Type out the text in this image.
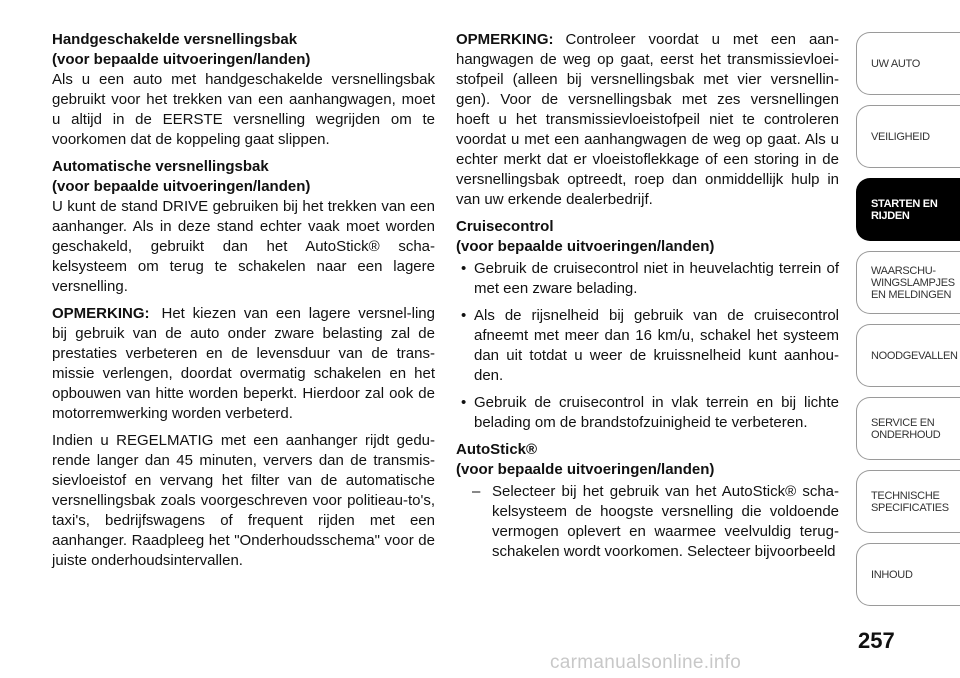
Handgeschakelde versnellingsbak
(voor bepaalde uitvoeringen/landen)

Als u een auto met handgeschakelde versnellingsbak gebruikt voor het trekken van een aanhangwagen, moet u altijd in de EERSTE versnelling wegrijden om te voorkomen dat de koppeling gaat slippen.

Automatische versnellingsbak
(voor bepaalde uitvoeringen/landen)

U kunt de stand DRIVE gebruiken bij het trekken van een aanhanger. Als in deze stand echter vaak moet worden geschakeld, gebruikt dan het AutoStick® scha-kelsysteem om terug te schakelen naar een lagere versnelling.

OPMERKING: Het kiezen van een lagere versnel-ling bij gebruik van de auto onder zware belasting zal de prestaties verbeteren en de levensduur van de trans-missie verlengen, doordat overmatig schakelen en het opbouwen van hitte worden beperkt. Hierdoor zal ook de motorremwerking worden verbeterd.

Indien u REGELMATIG met een aanhanger rijdt gedu-rende langer dan 45 minuten, ververs dan de transmis-sievloeistof en vervang het filter van de automatische versnellingsbak zoals voorgeschreven voor politieau-to's, taxi's, bedrijfswagens of frequent rijden met een aanhanger. Raadpleeg het "Onderhoudsschema" voor de juiste onderhoudsintervallen.

OPMERKING: Controleer voordat u met een aan-hangwagen de weg op gaat, eerst het transmissievloei-stofpeil (alleen bij versnellingsbak met vier versnellin-gen). Voor de versnellingsbak met zes versnellingen hoeft u het transmissievloeistofpeil niet te controleren voordat u met een aanhangwagen de weg op gaat. Als u echter merkt dat er vloeistoflekkage of een storing in de versnellingsbak optreedt, roep dan onmiddellijk hulp in van uw erkende dealerbedrijf.

Cruisecontrol
(voor bepaalde uitvoeringen/landen)
• Gebruik de cruisecontrol niet in heuvelachtig terrein of met een zware belading.
• Als de rijsnelheid bij gebruik van de cruisecontrol afneemt met meer dan 16 km/u, schakel het systeem dan uit totdat u weer de kruissnelheid kunt aanhou-den.
• Gebruik de cruisecontrol in vlak terrein en bij lichte belading om de brandstofzuinigheid te verbeteren.
AutoStick®
(voor bepaalde uitvoeringen/landen)
– Selecteer bij het gebruik van het AutoStick® scha-kelsysteem de hoogste versnelling die voldoende vermogen oplevert en waarmee veelvuldig terug-schakelen wordt voorkomen. Selecteer bijvoorbeeld
UW AUTO
VEILIGHEID
STARTEN EN
RIJDEN
WAARSCHU-
WINGSLAMPJES
EN MELDINGEN
NOODGEVALLEN
SERVICE EN
ONDERHOUD
TECHNISCHE
SPECIFICATIES
INHOUD
257
carmanualsonline.info
